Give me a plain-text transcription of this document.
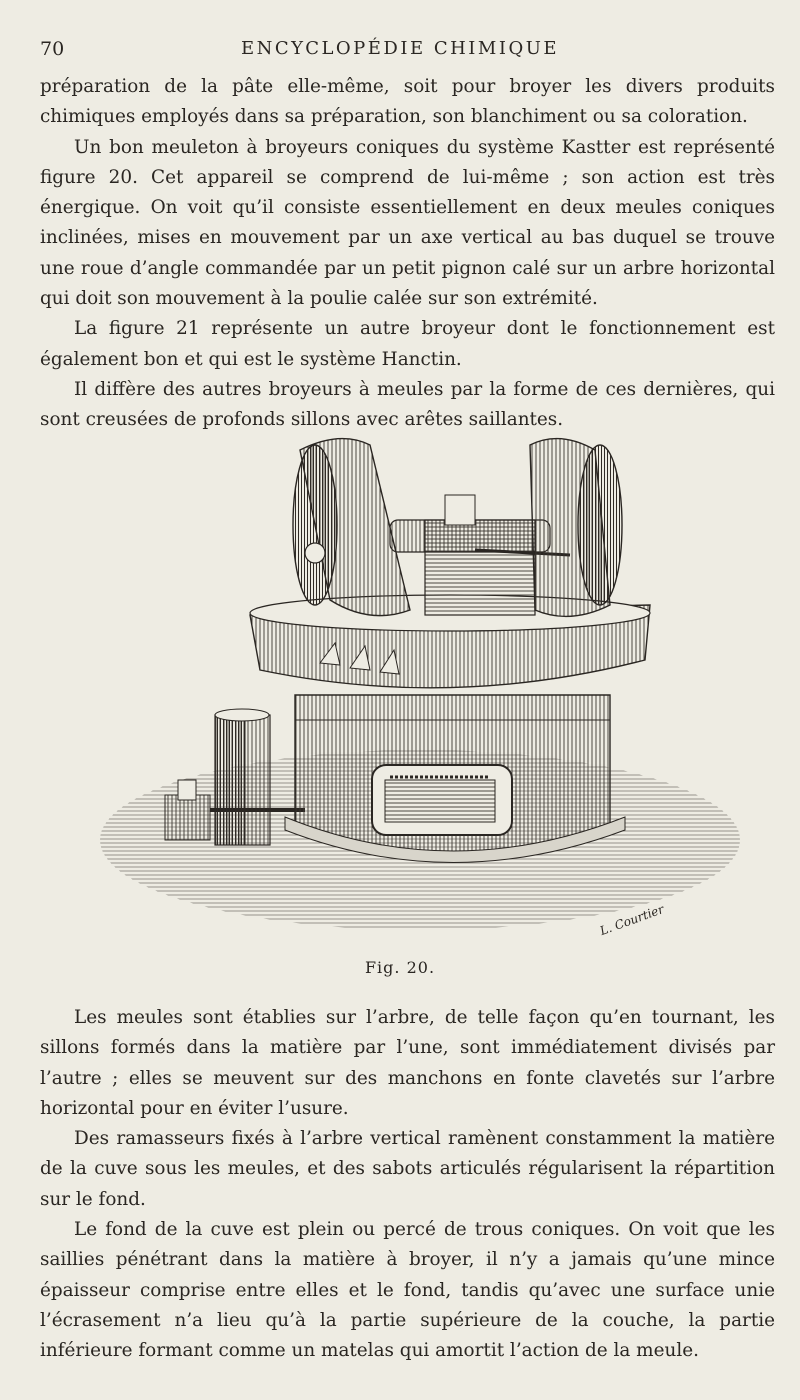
70	ENCYCLOPÉDIE CHIMIQUE

préparation de la pâte elle-même, soit pour broyer les divers produits chimiques employés dans sa préparation, son blanchiment ou sa coloration.

Un bon meuleton à broyeurs coniques du système Kastter est représenté figure 20. Cet appareil se comprend de lui-même ; son action est très énergique. On voit qu’il consiste essentiellement en deux meules coniques inclinées, mises en mouvement par un axe vertical au bas duquel se trouve une roue d’angle commandée par un petit pignon calé sur un arbre horizontal qui doit son mouvement à la poulie calée sur son extrémité.

La figure 21 représente un autre broyeur dont le fonctionnement est également bon et qui est le système Hanctin.

Il diffère des autres broyeurs à meules par la forme de ces dernières, qui sont creusées de profonds sillons avec arêtes saillantes.

L. Courtier
Fig. 20.

Les meules sont établies sur l’arbre, de telle façon qu’en tournant, les sillons formés dans la matière par l’une, sont immédiatement divisés par l’autre ; elles se meuvent sur des manchons en fonte clavetés sur l’arbre horizontal pour en éviter l’usure.

Des ramasseurs fixés à l’arbre vertical ramènent constamment la matière de la cuve sous les meules, et des sabots articulés régularisent la répartition sur le fond.

Le fond de la cuve est plein ou percé de trous coniques. On voit que les saillies pénétrant dans la matière à broyer, il n’y a jamais qu’une mince épaisseur comprise entre elles et le fond, tandis qu’avec une surface unie l’écrasement n’a lieu qu’à la partie supérieure de la couche, la partie inférieure formant comme un matelas qui amortit l’action de la meule.
